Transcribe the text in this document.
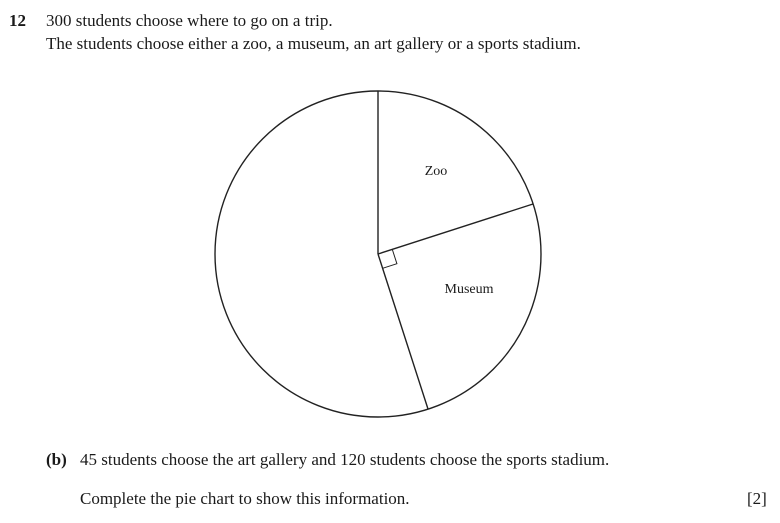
12 300 students choose where to go on a trip.
The students choose either a zoo, a museum, an art gallery or a sports stadium.
Zoo
Museum
(b) 45 students choose the art gallery and 120 students choose the sports stadium.
Complete the pie chart to show this information.	[2]
